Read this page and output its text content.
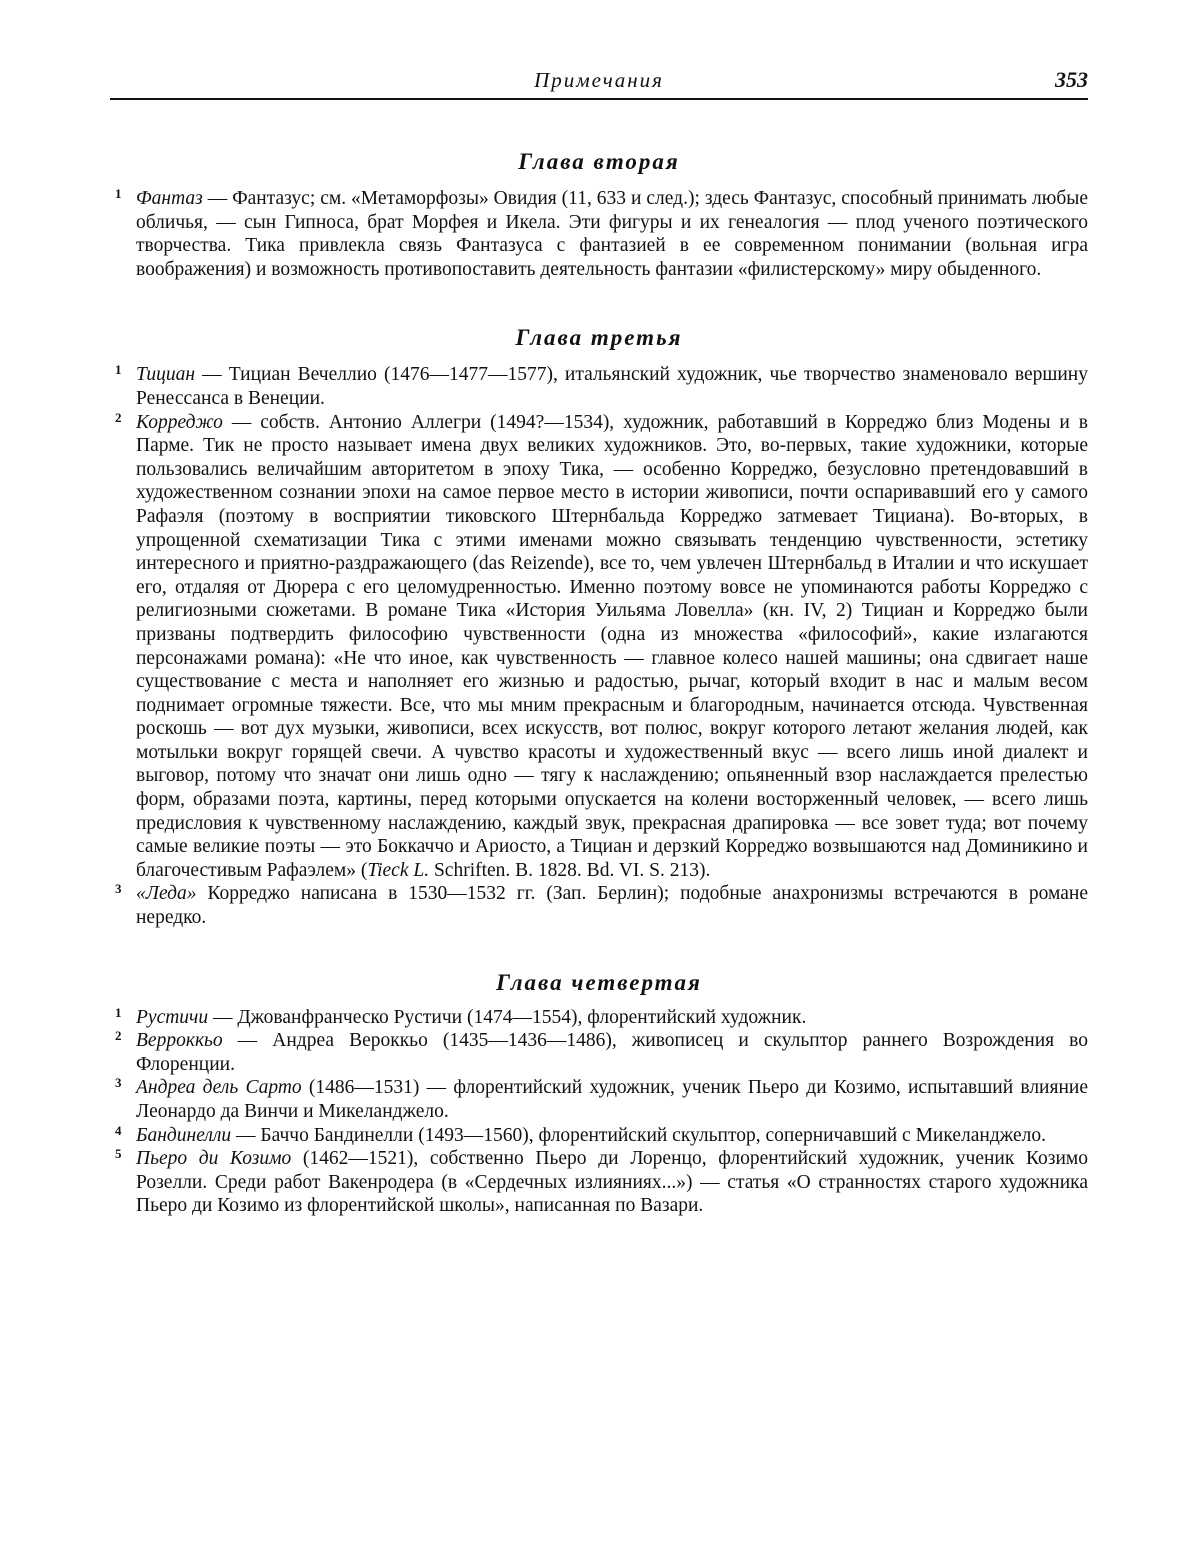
Примечания	353
Глава вторая

1 Фантаз — Фантазус; см. «Метаморфозы» Овидия (11, 633 и след.); здесь Фантазус, способный принимать любые обличья, — сын Гипноса, брат Морфея и Икела. Эти фигуры и их генеалогия — плод ученого поэтического творчества. Тика привлекла связь Фантазуса с фантазией в ее современном понимании (вольная игра воображения) и возможность противопоставить деятельность фантазии «филистерскому» миру обыденного.

Глава третья

1 Тициан — Тициан Вечеллио (1476—1477—1577), итальянский художник, чье творчество знаменовало вершину Ренессанса в Венеции.

2 Корреджо — собств. Антонио Аллегри (1494?—1534), художник, работавший в Корреджо близ Модены и в Парме. Тик не просто называет имена двух великих художников. Это, во-первых, такие художники, которые пользовались величайшим авторитетом в эпоху Тика, — особенно Корреджо, безусловно претендовавший в художественном сознании эпохи на самое первое место в истории живописи, почти оспаривавший его у самого Рафаэля (поэтому в восприятии тиковского Штернбальда Корреджо затмевает Тициана). Во-вторых, в упрощенной схематизации Тика с этими именами можно связывать тенденцию чувственности, эстетику интересного и приятно-раздражающего (das Reizende), все то, чем увлечен Штернбальд в Италии и что искушает его, отдаляя от Дюрера с его целомудренностью. Именно поэтому вовсе не упоминаются работы Корреджо с религиозными сюжетами. В романе Тика «История Уильяма Ловелла» (кн. IV, 2) Тициан и Корреджо были призваны подтвердить философию чувственности (одна из множества «философий», какие излагаются персонажами романа): «Не что иное, как чувственность — главное колесо нашей машины; она сдвигает наше существование с места и наполняет его жизнью и радостью, рычаг, который входит в нас и малым весом поднимает огромные тяжести. Все, что мы мним прекрасным и благородным, начинается отсюда. Чувственная роскошь — вот дух музыки, живописи, всех искусств, вот полюс, вокруг которого летают желания людей, как мотыльки вокруг горящей свечи. А чувство красоты и художественный вкус — всего лишь иной диалект и выговор, потому что значат они лишь одно — тягу к наслаждению; опьяненный взор наслаждается прелестью форм, образами поэта, картины, перед которыми опускается на колени восторженный человек, — всего лишь предисловия к чувственному наслаждению, каждый звук, прекрасная драпировка — все зовет туда; вот почему самые великие поэты — это Боккаччо и Ариосто, а Тициан и дерзкий Корреджо возвышаются над Доминикино и благочестивым Рафаэлем» (Tieck L. Schriften. B. 1828. Bd. VI. S. 213).

3 «Леда» Корреджо написана в 1530—1532 гг. (Зап. Берлин); подобные анахронизмы встречаются в романе нередко.

Глава четвертая

1 Рустичи — Джованфранческо Рустичи (1474—1554), флорентийский художник.

2 Верроккьо — Андреа Вероккьо (1435—1436—1486), живописец и скульптор раннего Возрождения во Флоренции.

3 Андреа дель Сарто (1486—1531) — флорентийский художник, ученик Пьеро ди Козимо, испытавший влияние Леонардо да Винчи и Микеланджело.

4 Бандинелли — Баччо Бандинелли (1493—1560), флорентийский скульптор, соперничавший с Микеланджело.

5 Пьеро ди Козимо (1462—1521), собственно Пьеро ди Лоренцо, флорентийский художник, ученик Козимо Розелли. Среди работ Вакенродера (в «Сердечных излияниях...») — статья «О странностях старого художника Пьеро ди Козимо из флорентийской школы», написанная по Вазари.
